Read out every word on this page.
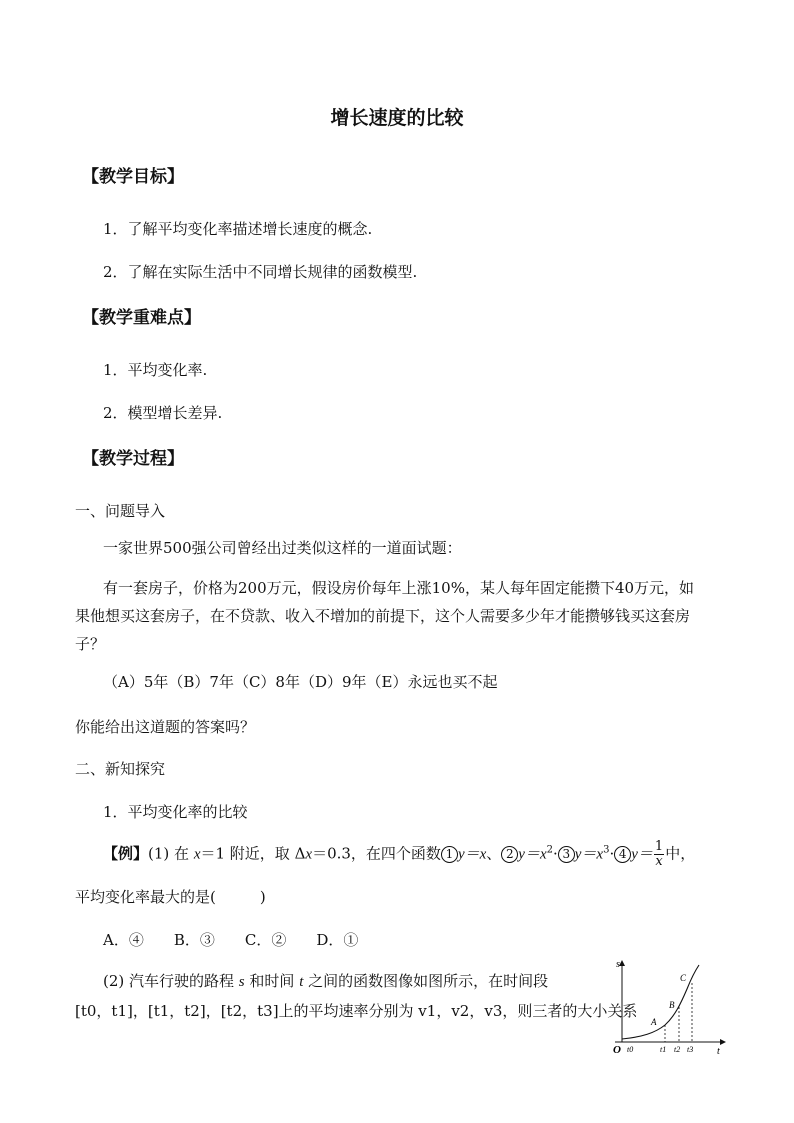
增长速度的比较
【教学目标】
1．了解平均变化率描述增长速度的概念.
2．了解在实际生活中不同增长规律的函数模型.
【教学重难点】
1．平均变化率.
2．模型增长差异.
【教学过程】
一、问题导入
一家世界500强公司曾经出过类似这样的一道面试题：
有一套房子，价格为200万元，假设房价每年上涨10%，某人每年固定能攒下40万元，如
果他想买这套房子，在不贷款、收入不增加的前提下，这个人需要多少年才能攒够钱买这套房
子？
（A）5年（B）7年（C）8年（D）9年（E）永远也买不起
你能给出这道题的答案吗？
二、新知探究
1．平均变化率的比较
【例】(1) 在 x＝1 附近，取 Δx＝0.3，在四个函数 1 y＝x、 2 $y=x^2\cdot 3$ $y=x^3\cdot 4$ $y= \frac{1}{x}$ 中，
平均变化率最大的是(	)
A．④　　B．③　　C．②　　D．①
(2) 汽车行驶的路程 s 和时间 t 之间的函数图像如图所示，在时间段
[t0，t1]，[t1，t2]，[t2，t3]上的平均速率分别为 v1，v2，v3，则三者的大小关系
s
t
O
A
B
C
t0	t1 t2 t3
